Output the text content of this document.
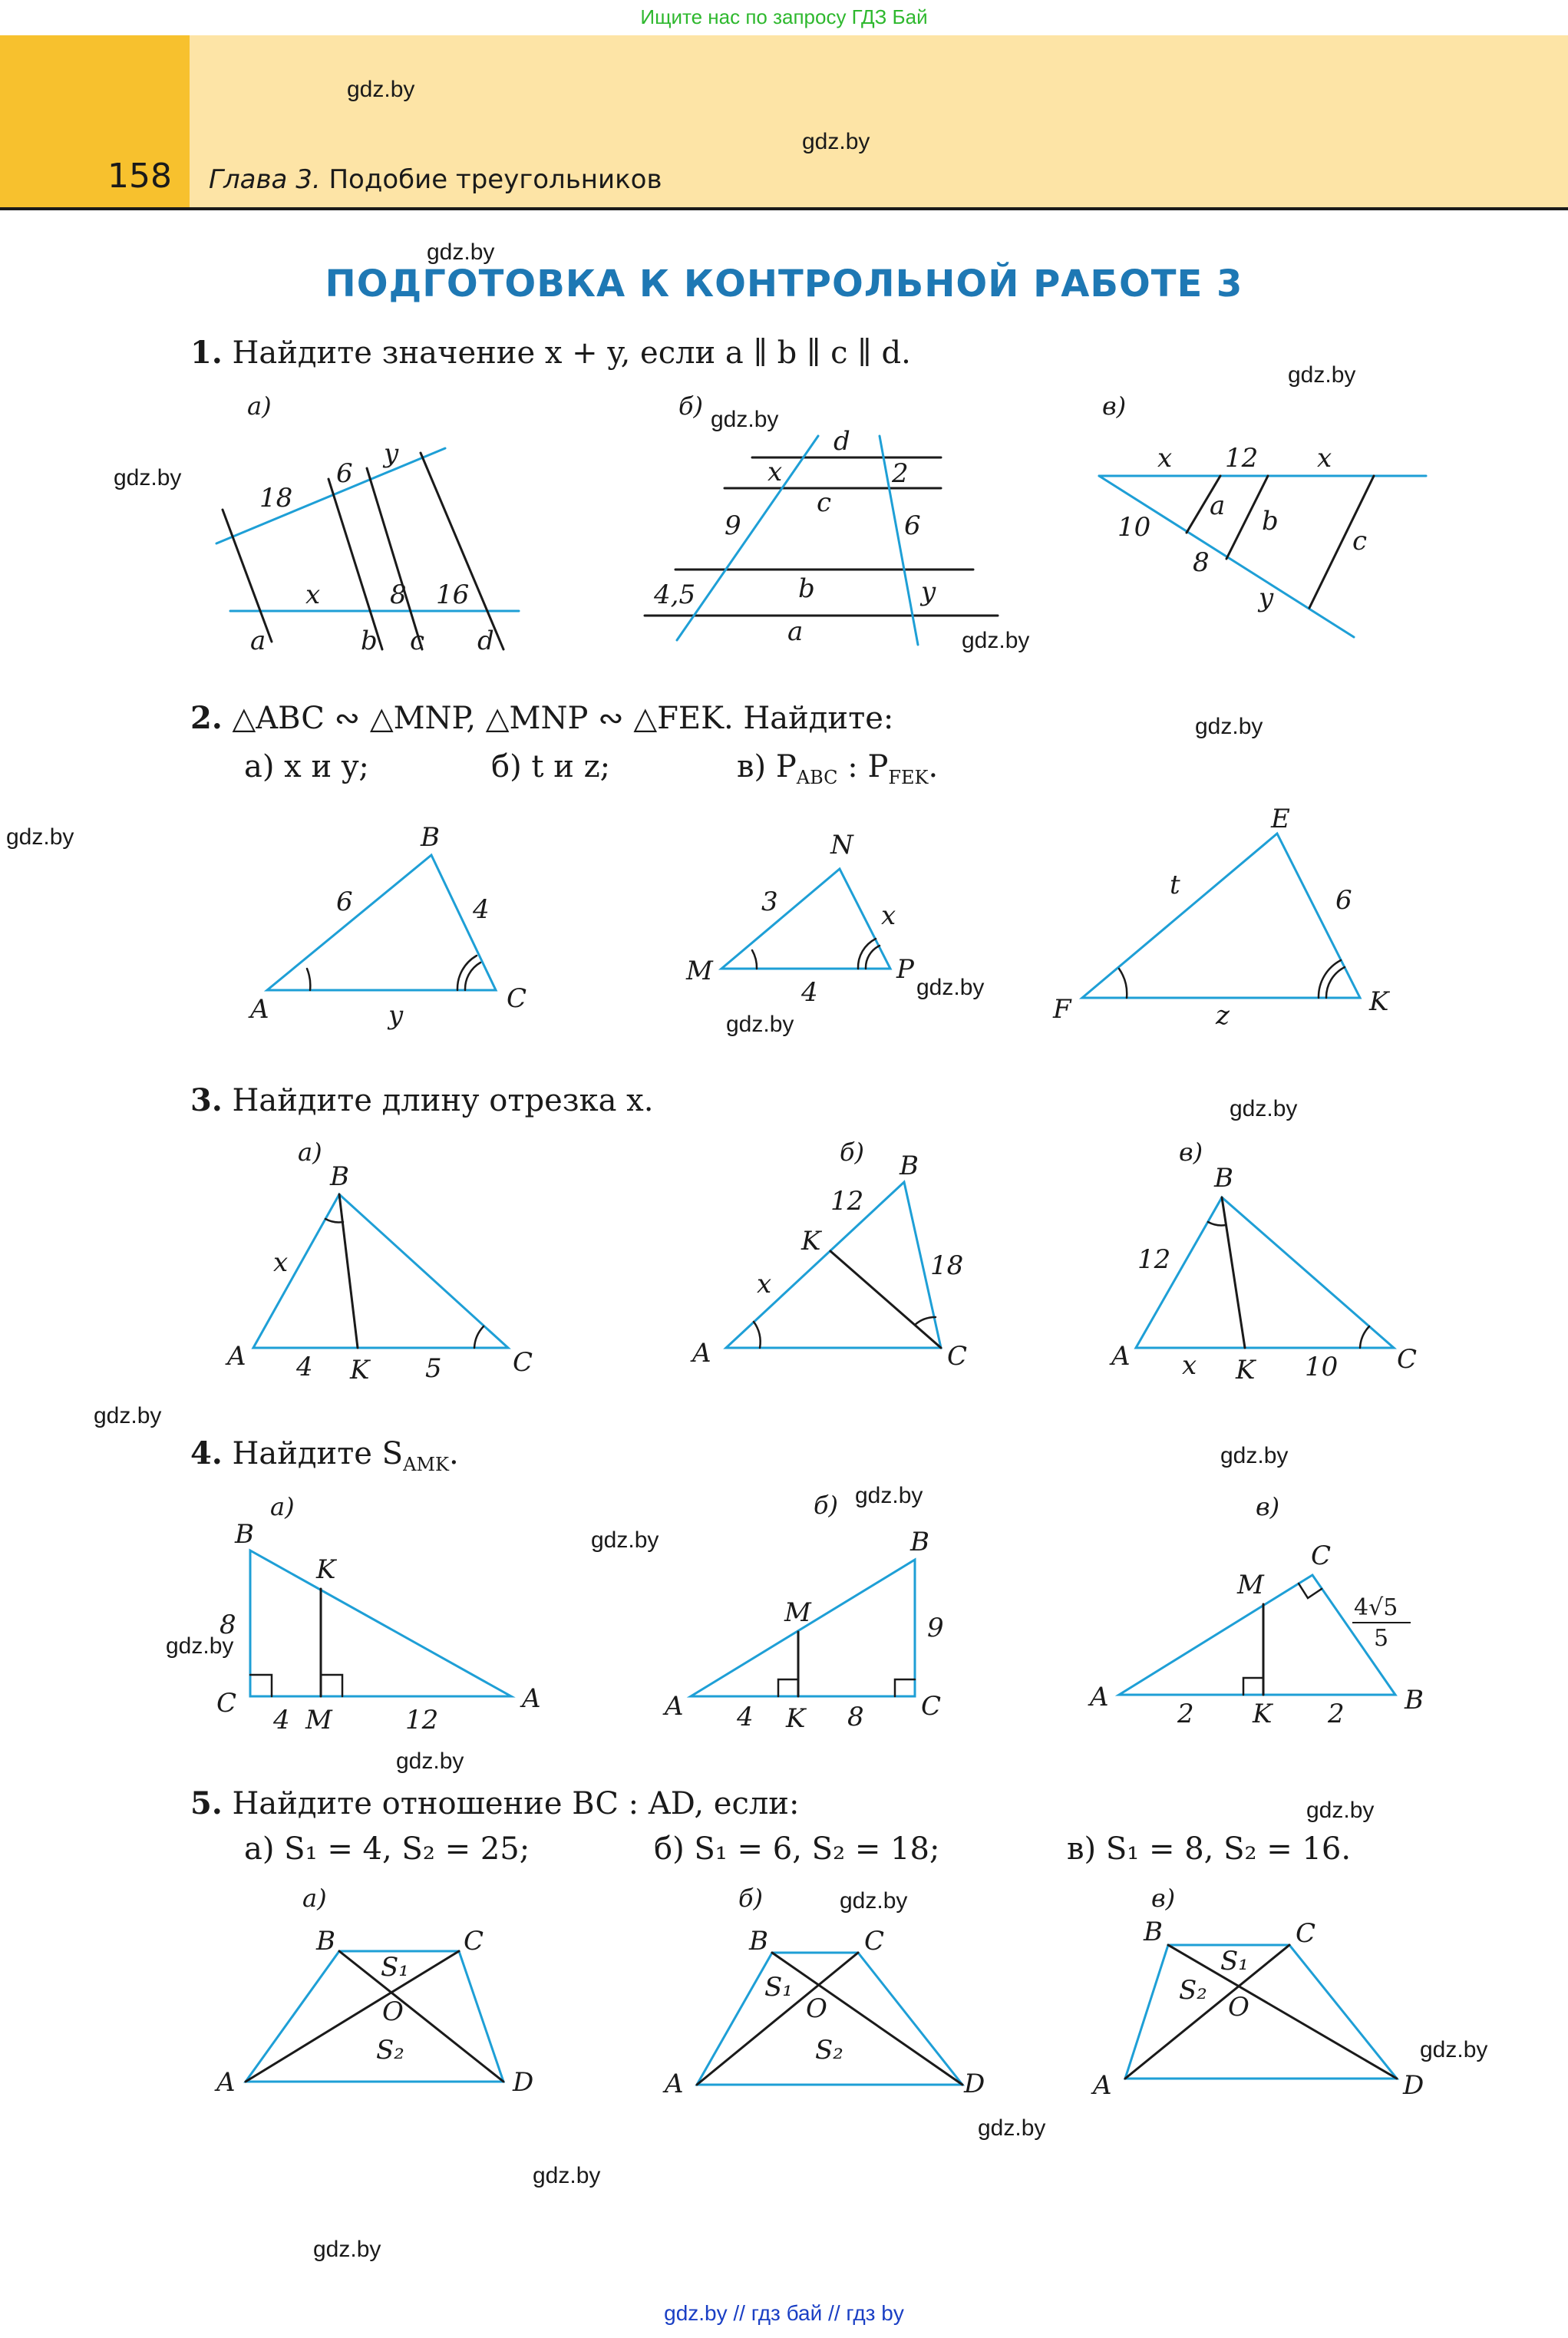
Ищите нас по запросу ГДЗ Бай
158 Глава 3. Подобие треугольников
gdz.by
gdz.by
gdz.by
gdz.by
gdz.by
gdz.by
gdz.by
gdz.by
gdz.by
gdz.by
gdz.by
gdz.by
gdz.by
gdz.by
gdz.by
gdz.by
gdz.by
gdz.by
gdz.by
gdz.by
gdz.by
gdz.by
gdz.by
gdz.by
ПОДГОТОВКА К КОНТРОЛЬНОЙ РАБОТЕ 3
1. Найдите значение x + y, если a ∥ b ∥ c ∥ d.
2. △ABC ∾ △MNP, △MNP ∾ △FEK. Найдите:
а) x и y;	б) t и z;	в) $P_{ABC}$ : $P_{FEK}$.
3. Найдите длину отрезка x.
4. Найдите $S_{AMK}$.
5. Найдите отношение BC : AD, если:
а) S₁ = 4, S₂ = 25;	б) S₁ = 6, S₂ = 18;	в) S₁ = 8, S₂ = 16.
а)	б)	в)
18
6
y
x	8 16
a	b c d
d
x	2
c
9	6
4,5	b	y
a
x 12 x
10
a b
8
c
y
B
6	4
A	y
C
N
3	x
M	P
4
E
t	6
F	z	K
а)	б)	в)
B
x
A 4 K 5	C
B
12
K
18
x
A	C
B
12
A x K 10 C
а)	б)	в)
B
K
8
C
4 M	12
A
B
M	9
A 4 K 8 C
C
M
4√5
5
A
2 K 2 B
а)	б)	в)
B	C
S₁
O
S₂
A	D
B	C
S₁
O
S₂
A	D
B	C
S₁
S₂
O
A	D
gdz.by // гдз бай // гдз by
